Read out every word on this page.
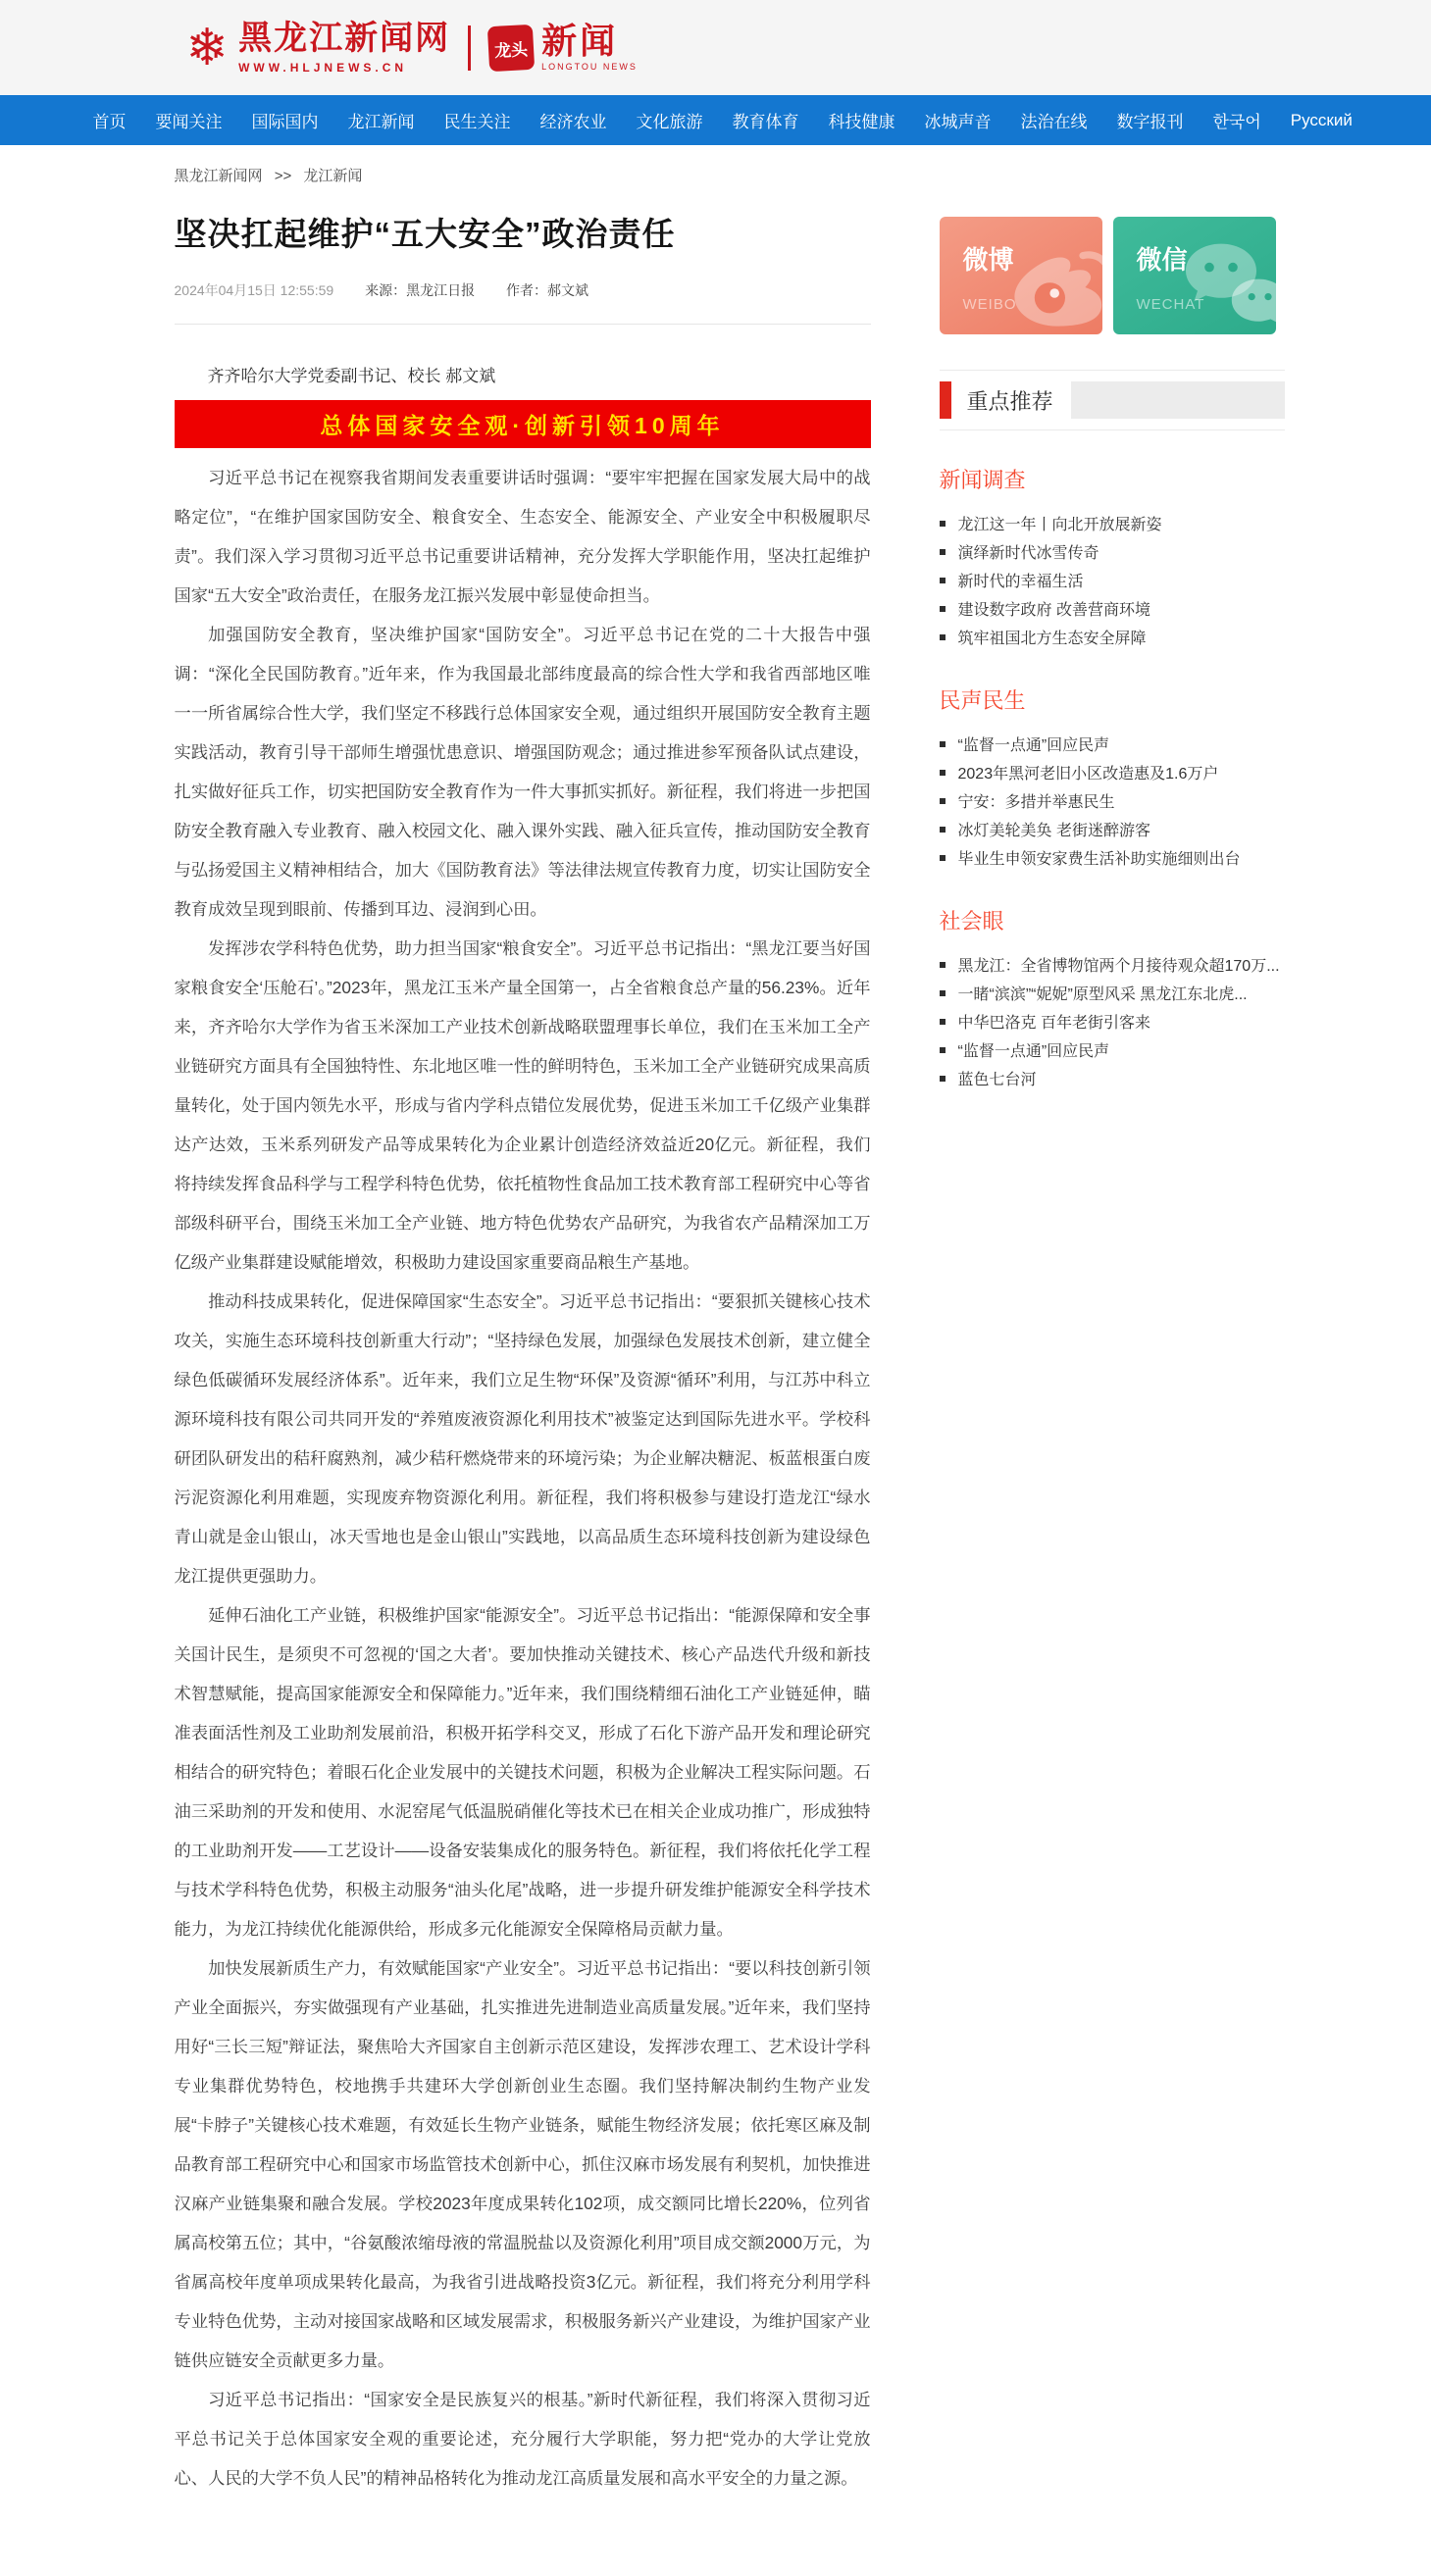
❄ 黑龙江新闻网
WWW.HLJNEWS.CN
龙头 新闻
LONGTOU NEWS
首页 要闻关注 国际国内 龙江新闻 民生关注 经济农业 文化旅游 教育体育 科技健康 冰城声音 法治在线 数字报刊 한국어 Русский
黑龙江新闻网 >> 龙江新闻
坚决扛起维护“五大安全”政治责任
2024年04月15日 12:55:59 来源：黑龙江日报 作者：郝文斌
齐齐哈尔大学党委副书记、校长 郝文斌
总体国家安全观·创新引领10周年

习近平总书记在视察我省期间发表重要讲话时强调：“要牢牢把握在国家发展大局中的战略定位”，“在维护国家国防安全、粮食安全、生态安全、能源安全、产业安全中积极履职尽责”。我们深入学习贯彻习近平总书记重要讲话精神，充分发挥大学职能作用，坚决扛起维护国家“五大安全”政治责任，在服务龙江振兴发展中彰显使命担当。

加强国防安全教育，坚决维护国家“国防安全”。习近平总书记在党的二十大报告中强调：“深化全民国防教育。”近年来，作为我国最北部纬度最高的综合性大学和我省西部地区唯一一所省属综合性大学，我们坚定不移践行总体国家安全观，通过组织开展国防安全教育主题实践活动，教育引导干部师生增强忧患意识、增强国防观念；通过推进参军预备队试点建设，扎实做好征兵工作，切实把国防安全教育作为一件大事抓实抓好。新征程，我们将进一步把国防安全教育融入专业教育、融入校园文化、融入课外实践、融入征兵宣传，推动国防安全教育与弘扬爱国主义精神相结合，加大《国防教育法》等法律法规宣传教育力度，切实让国防安全教育成效呈现到眼前、传播到耳边、浸润到心田。

发挥涉农学科特色优势，助力担当国家“粮食安全”。习近平总书记指出：“黑龙江要当好国家粮食安全‘压舱石’。”2023年，黑龙江玉米产量全国第一，占全省粮食总产量的56.23%。近年来，齐齐哈尔大学作为省玉米深加工产业技术创新战略联盟理事长单位，我们在玉米加工全产业链研究方面具有全国独特性、东北地区唯一性的鲜明特色，玉米加工全产业链研究成果高质量转化，处于国内领先水平，形成与省内学科点错位发展优势，促进玉米加工千亿级产业集群达产达效，玉米系列研发产品等成果转化为企业累计创造经济效益近20亿元。新征程，我们将持续发挥食品科学与工程学科特色优势，依托植物性食品加工技术教育部工程研究中心等省部级科研平台，围绕玉米加工全产业链、地方特色优势农产品研究，为我省农产品精深加工万亿级产业集群建设赋能增效，积极助力建设国家重要商品粮生产基地。

推动科技成果转化，促进保障国家“生态安全”。习近平总书记指出：“要狠抓关键核心技术攻关，实施生态环境科技创新重大行动”；“坚持绿色发展，加强绿色发展技术创新，建立健全绿色低碳循环发展经济体系”。近年来，我们立足生物“环保”及资源“循环”利用，与江苏中科立源环境科技有限公司共同开发的“养殖废液资源化利用技术”被鉴定达到国际先进水平。学校科研团队研发出的秸秆腐熟剂，减少秸秆燃烧带来的环境污染；为企业解决糖泥、板蓝根蛋白废污泥资源化利用难题，实现废弃物资源化利用。新征程，我们将积极参与建设打造龙江“绿水青山就是金山银山，冰天雪地也是金山银山”实践地，以高品质生态环境科技创新为建设绿色龙江提供更强助力。

延伸石油化工产业链，积极维护国家“能源安全”。习近平总书记指出：“能源保障和安全事关国计民生，是须臾不可忽视的‘国之大者’。要加快推动关键技术、核心产品迭代升级和新技术智慧赋能，提高国家能源安全和保障能力。”近年来，我们围绕精细石油化工产业链延伸，瞄准表面活性剂及工业助剂发展前沿，积极开拓学科交叉，形成了石化下游产品开发和理论研究相结合的研究特色；着眼石化企业发展中的关键技术问题，积极为企业解决工程实际问题。石油三采助剂的开发和使用、水泥窑尾气低温脱硝催化等技术已在相关企业成功推广，形成独特的工业助剂开发——工艺设计——设备安装集成化的服务特色。新征程，我们将依托化学工程与技术学科特色优势，积极主动服务“油头化尾”战略，进一步提升研发维护能源安全科学技术能力，为龙江持续优化能源供给，形成多元化能源安全保障格局贡献力量。

加快发展新质生产力，有效赋能国家“产业安全”。习近平总书记指出：“要以科技创新引领产业全面振兴，夯实做强现有产业基础，扎实推进先进制造业高质量发展。”近年来，我们坚持用好“三长三短”辩证法，聚焦哈大齐国家自主创新示范区建设，发挥涉农理工、艺术设计学科专业集群优势特色，校地携手共建环大学创新创业生态圈。我们坚持解决制约生物产业发展“卡脖子”关键核心技术难题，有效延长生物产业链条，赋能生物经济发展；依托寒区麻及制品教育部工程研究中心和国家市场监管技术创新中心，抓住汉麻市场发展有利契机，加快推进汉麻产业链集聚和融合发展。学校2023年度成果转化102项，成交额同比增长220%，位列省属高校第五位；其中，“谷氨酸浓缩母液的常温脱盐以及资源化利用”项目成交额2000万元，为省属高校年度单项成果转化最高，为我省引进战略投资3亿元。新征程，我们将充分利用学科专业特色优势，主动对接国家战略和区域发展需求，积极服务新兴产业建设，为维护国家产业链供应链安全贡献更多力量。

习近平总书记指出：“国家安全是民族复兴的根基。”新时代新征程，我们将深入贯彻习近平总书记关于总体国家安全观的重要论述，充分履行大学职能，努力把“党办的大学让党放心、人民的大学不负人民”的精神品格转化为推动龙江高质量发展和高水平安全的力量之源。

微博
WEIBO
微信
WECHAT
重点推荐
新闻调查
龙江这一年丨向北开放展新姿
演绎新时代冰雪传奇
新时代的幸福生活
建设数字政府 改善营商环境
筑牢祖国北方生态安全屏障
民声民生
“监督一点通”回应民声
2023年黑河老旧小区改造惠及1.6万户
宁安：多措并举惠民生
冰灯美轮美奂 老街迷醉游客
毕业生申领安家费生活补助实施细则出台
社会眼
黑龙江：全省博物馆两个月接待观众超170万...
一睹“滨滨”“妮妮”原型风采 黑龙江东北虎...
中华巴洛克 百年老街引客来
“监督一点通”回应民声
蓝色七台河
